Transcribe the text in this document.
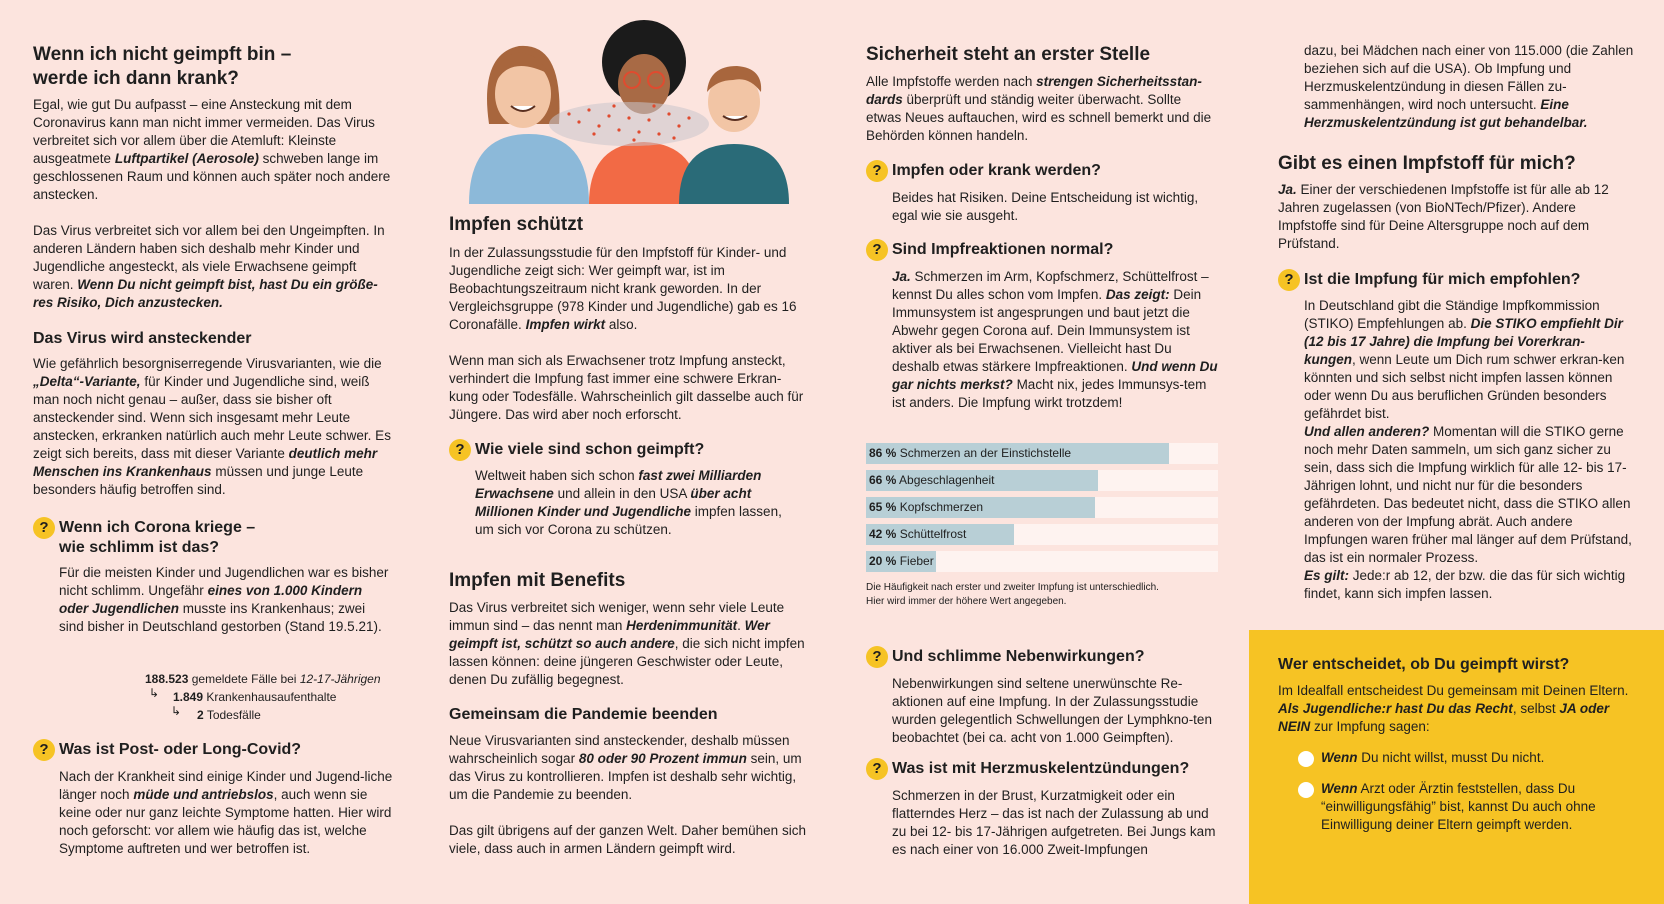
Wenn ich nicht geimpft bin –
werde ich dann krank?

Egal, wie gut Du aufpasst – eine Ansteckung mit dem Coronavirus kann man nicht immer vermeiden. Das Virus verbreitet sich vor allem über die Atemluft: Kleinste ausgeatmete Luftpartikel (Aerosole) schweben lange im geschlossenen Raum und können auch später noch andere anstecken.

Das Virus verbreitet sich vor allem bei den Ungeimpften. In anderen Ländern haben sich deshalb mehr Kinder und Jugendliche angesteckt, als viele Erwachsene geimpft waren. Wenn Du nicht geimpft bist, hast Du ein größe-res Risiko, Dich anzustecken.

Das Virus wird ansteckender

Wie gefährlich besorgniserregende Virusvarianten, wie die „Delta“-Variante, für Kinder und Jugendliche sind, weiß man noch nicht genau – außer, dass sie bisher oft ansteckender sind. Wenn sich insgesamt mehr Leute anstecken, erkranken natürlich auch mehr Leute schwer. Es zeigt sich bereits, dass mit dieser Variante deutlich mehr Menschen ins Krankenhaus müssen und junge Leute besonders häufig betroffen sind.

? Wenn ich Corona kriege –
wie schlimm ist das?

Für die meisten Kinder und Jugendlichen war es bisher nicht schlimm. Ungefähr eines von 1.000 Kindern oder Jugendlichen musste ins Krankenhaus; zwei sind bisher in Deutschland gestorben (Stand 19.5.21).

188.523 gemeldete Fälle bei 12-17-Jährigen
↳ 1.849 Krankenhausaufenthalte
↳ 2 Todesfälle
? Was ist Post- oder Long-Covid?

Nach der Krankheit sind einige Kinder und Jugend-liche länger noch müde und antriebslos, auch wenn sie keine oder nur ganz leichte Symptome hatten. Hier wird noch geforscht: vor allem wie häufig das ist, welche Symptome auftreten und wer betroffen ist.

Impfen schützt

In der Zulassungsstudie für den Impfstoff für Kinder- und Jugendliche zeigt sich: Wer geimpft war, ist im Beobachtungszeitraum nicht krank geworden. In der Vergleichsgruppe (978 Kinder und Jugendliche) gab es 16 Coronafälle. Impfen wirkt also.

Wenn man sich als Erwachsener trotz Impfung ansteckt, verhindert die Impfung fast immer eine schwere Erkran-kung oder Todesfälle. Wahrscheinlich gilt dasselbe auch für Jüngere. Das wird aber noch erforscht.

? Wie viele sind schon geimpft?

Weltweit haben sich schon fast zwei Milliarden Erwachsene und allein in den USA über acht Millionen Kinder und Jugendliche impfen lassen, um sich vor Corona zu schützen.

Impfen mit Benefits

Das Virus verbreitet sich weniger, wenn sehr viele Leute immun sind – das nennt man Herdenimmunität. Wer geimpft ist, schützt so auch andere, die sich nicht impfen lassen können: deine jüngeren Geschwister oder Leute, denen Du zufällig begegnest.

Gemeinsam die Pandemie beenden

Neue Virusvarianten sind ansteckender, deshalb müssen wahrscheinlich sogar 80 oder 90 Prozent immun sein, um das Virus zu kontrollieren. Impfen ist deshalb sehr wichtig, um die Pandemie zu beenden.

Das gilt übrigens auf der ganzen Welt. Daher bemühen sich viele, dass auch in armen Ländern geimpft wird.

Sicherheit steht an erster Stelle

Alle Impfstoffe werden nach strengen Sicherheitsstan-dards überprüft und ständig weiter überwacht. Sollte etwas Neues auftauchen, wird es schnell bemerkt und die Behörden können handeln.

? Impfen oder krank werden?

Beides hat Risiken. Deine Entscheidung ist wichtig, egal wie sie ausgeht.

? Sind Impfreaktionen normal?

Ja. Schmerzen im Arm, Kopfschmerz, Schüttelfrost – kennst Du alles schon vom Impfen. Das zeigt: Dein Immunsystem ist angesprungen und baut jetzt die Abwehr gegen Corona auf. Dein Immunsystem ist aktiver als bei Erwachsenen. Vielleicht hast Du deshalb etwas stärkere Impfreaktionen. Und wenn Du gar nichts merkst? Macht nix, jedes Immunsys-tem ist anders. Die Impfung wirkt trotzdem!

86 % Schmerzen an der Einstichstelle
66 % Abgeschlagenheit
65 % Kopfschmerzen
42 % Schüttelfrost
20 % Fieber
Die Häufigkeit nach erster und zweiter Impfung ist unterschiedlich.
Hier wird immer der höhere Wert angegeben.
? Und schlimme Nebenwirkungen?

Nebenwirkungen sind seltene unerwünschte Re-aktionen auf eine Impfung. In der Zulassungsstudie wurden gelegentlich Schwellungen der Lymphkno-ten beobachtet (bei ca. acht von 1.000 Geimpften).

? Was ist mit Herzmuskelentzündungen?

Schmerzen in der Brust, Kurzatmigkeit oder ein flatterndes Herz – das ist nach der Zulassung ab und zu bei 12- bis 17-Jährigen aufgetreten. Bei Jungs kam es nach einer von 16.000 Zweit-Impfungen

dazu, bei Mädchen nach einer von 115.000 (die Zahlen beziehen sich auf die USA). Ob Impfung und Herzmuskelentzündung in diesen Fällen zu-sammenhängen, wird noch untersucht. Eine Herzmuskelentzündung ist gut behandelbar.

Gibt es einen Impfstoff für mich?

Ja. Einer der verschiedenen Impfstoffe ist für alle ab 12 Jahren zugelassen (von BioNTech/Pfizer). Andere Impfstoffe sind für Deine Altersgruppe noch auf dem Prüfstand.

? Ist die Impfung für mich empfohlen?

In Deutschland gibt die Ständige Impfkommission (STIKO) Empfehlungen ab. Die STIKO empfiehlt Dir (12 bis 17 Jahre) die Impfung bei Vorerkran-kungen, wenn Leute um Dich rum schwer erkran-ken könnten und sich selbst nicht impfen lassen können oder wenn Du aus beruflichen Gründen besonders gefährdet bist.
Und allen anderen? Momentan will die STIKO gerne noch mehr Daten sammeln, um sich ganz sicher zu sein, dass sich die Impfung wirklich für alle 12- bis 17-Jährigen lohnt, und nicht nur für die besonders gefährdeten. Das bedeutet nicht, dass die STIKO allen anderen von der Impfung abrät. Auch andere Impfungen waren früher mal länger auf dem Prüfstand, das ist ein normaler Prozess.
Es gilt: Jede:r ab 12, der bzw. die das für sich wichtig findet, kann sich impfen lassen.

Wer entscheidet, ob Du geimpft wirst?

Im Idealfall entscheidest Du gemeinsam mit Deinen Eltern. Als Jugendliche:r hast Du das Recht, selbst JA oder NEIN zur Impfung sagen:

Wenn Du nicht willst, musst Du nicht.

Wenn Arzt oder Ärztin feststellen, dass Du “einwilligungsfähig” bist, kannst Du auch ohne Einwilligung deiner Eltern geimpft werden.
